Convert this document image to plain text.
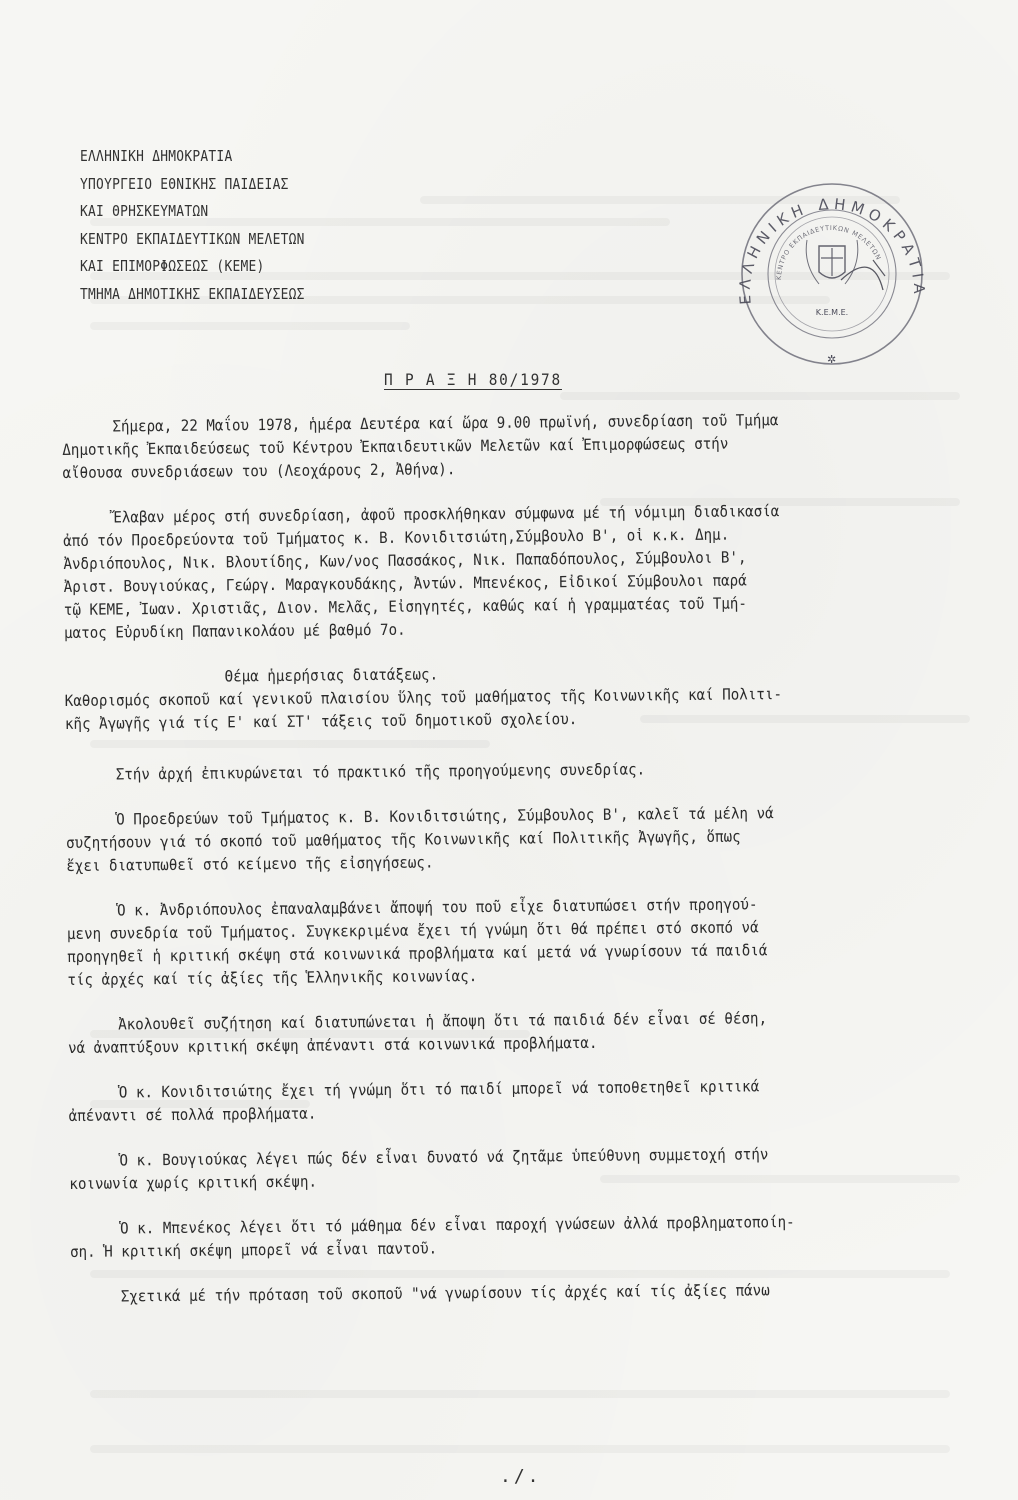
ΕΛΛΗΝΙΚΗ ΔΗΜΟΚΡΑΤΙΑ
ΥΠΟΥΡΓΕΙΟ ΕΘΝΙΚΗΣ ΠΑΙΔΕΙΑΣ
ΚΑΙ ΘΡΗΣΚΕΥΜΑΤΩΝ
ΚΕΝΤΡΟ ΕΚΠΑΙΔΕΥΤΙΚΩΝ ΜΕΛΕΤΩΝ
ΚΑΙ ΕΠΙΜΟΡΦΩΣΕΩΣ (ΚΕΜΕ)
ΤΜΗΜΑ ΔΗΜΟΤΙΚΗΣ ΕΚΠΑΙΔΕΥΣΕΩΣ	ΕΛΛΗΝΙΚΗ ΔΗΜΟΚΡΑΤΙΑ
ΚΕΝΤΡΟ ΕΚΠΑΙΔΕΥΤΙΚΩΝ ΜΕΛΕΤΩΝ
Κ.Ε.Μ.Ε.
✲
Π Ρ Α Ξ Η 80/1978
Σήμερα, 22 Μαΐου 1978, ἡμέρα Δευτέρα καί ὥρα 9.00 πρωϊνή, συνεδρίαση τοῦ Τμήμα
Δημοτικῆς Ἐκπαιδεύσεως τοῦ Κέντρου Ἐκπαιδευτικῶν Μελετῶν καί Ἐπιμορφώσεως στήν
αἴθουσα συνεδριάσεων του (Λεοχάρους 2, Ἀθήνα).
Ἔλαβαν μέρος στή συνεδρίαση, ἀφοῦ προσκλήθηκαν σύμφωνα μέ τή νόμιμη διαδικασία
ἀπό τόν Προεδρεύοντα τοῦ Τμήματος κ. Β. Κονιδιτσιώτη,Σύμβουλο Β', οἱ κ.κ. Δημ.
Ἀνδριόπουλος, Νικ. Βλουτίδης, Κων/νος Πασσάκος, Νικ. Παπαδόπουλος, Σύμβουλοι Β',
Ἀριστ. Βουγιούκας, Γεώργ. Μαραγκουδάκης, Ἀντών. Μπενέκος, Εἰδικοί Σύμβουλοι παρά
τῷ ΚΕΜΕ, Ἰωαν. Χριστιᾶς, Διον. Μελᾶς, Εἰσηγητές, καθώς καί ἡ γραμματέας τοῦ Τμή-
ματος Εὐρυδίκη Παπανικολάου μέ βαθμό 7ο.
Θέμα ἡμερήσιας διατάξεως.
Καθορισμός σκοποῦ καί γενικοῦ πλαισίου ὕλης τοῦ μαθήματος τῆς Κοινωνικῆς καί Πολιτι-
κῆς Ἀγωγῆς γιά τίς Ε' καί ΣΤ' τάξεις τοῦ δημοτικοῦ σχολείου.
Στήν ἀρχή ἐπικυρώνεται τό πρακτικό τῆς προηγούμενης συνεδρίας.
Ὁ Προεδρεύων τοῦ Τμήματος κ. Β. Κονιδιτσιώτης, Σύμβουλος Β', καλεῖ τά μέλη νά
συζητήσουν γιά τό σκοπό τοῦ μαθήματος τῆς Κοινωνικῆς καί Πολιτικῆς Ἀγωγῆς, ὅπως
ἔχει διατυπωθεῖ στό κείμενο τῆς εἰσηγήσεως.
Ὁ κ. Ἀνδριόπουλος ἐπαναλαμβάνει ἄποψή του ποῦ εἶχε διατυπώσει στήν προηγού-
μενη συνεδρία τοῦ Τμήματος. Συγκεκριμένα ἔχει τή γνώμη ὅτι θά πρέπει στό σκοπό νά
προηγηθεῖ ἡ κριτική σκέψη στά κοινωνικά προβλήματα καί μετά νά γνωρίσουν τά παιδιά
τίς ἀρχές καί τίς ἀξίες τῆς Ἑλληνικῆς κοινωνίας.
Ἀκολουθεῖ συζήτηση καί διατυπώνεται ἡ ἄποψη ὅτι τά παιδιά δέν εἶναι σέ θέση,
νά ἀναπτύξουν κριτική σκέψη ἀπέναντι στά κοινωνικά προβλήματα.
Ὁ κ. Κονιδιτσιώτης ἔχει τή γνώμη ὅτι τό παιδί μπορεῖ νά τοποθετηθεῖ κριτικά
ἀπέναντι σέ πολλά προβλήματα.
Ὁ κ. Βουγιούκας λέγει πώς δέν εἶναι δυνατό νά ζητᾶμε ὑπεύθυνη συμμετοχή στήν
κοινωνία χωρίς κριτική σκέψη.
Ὁ κ. Μπενέκος λέγει ὅτι τό μάθημα δέν εἶναι παροχή γνώσεων ἀλλά προβληματοποίη-
ση. Ἡ κριτική σκέψη μπορεῖ νά εἶναι παντοῦ.
Σχετικά μέ τήν πρόταση τοῦ σκοποῦ "νά γνωρίσουν τίς ἀρχές καί τίς ἀξίες πάνω
./.
